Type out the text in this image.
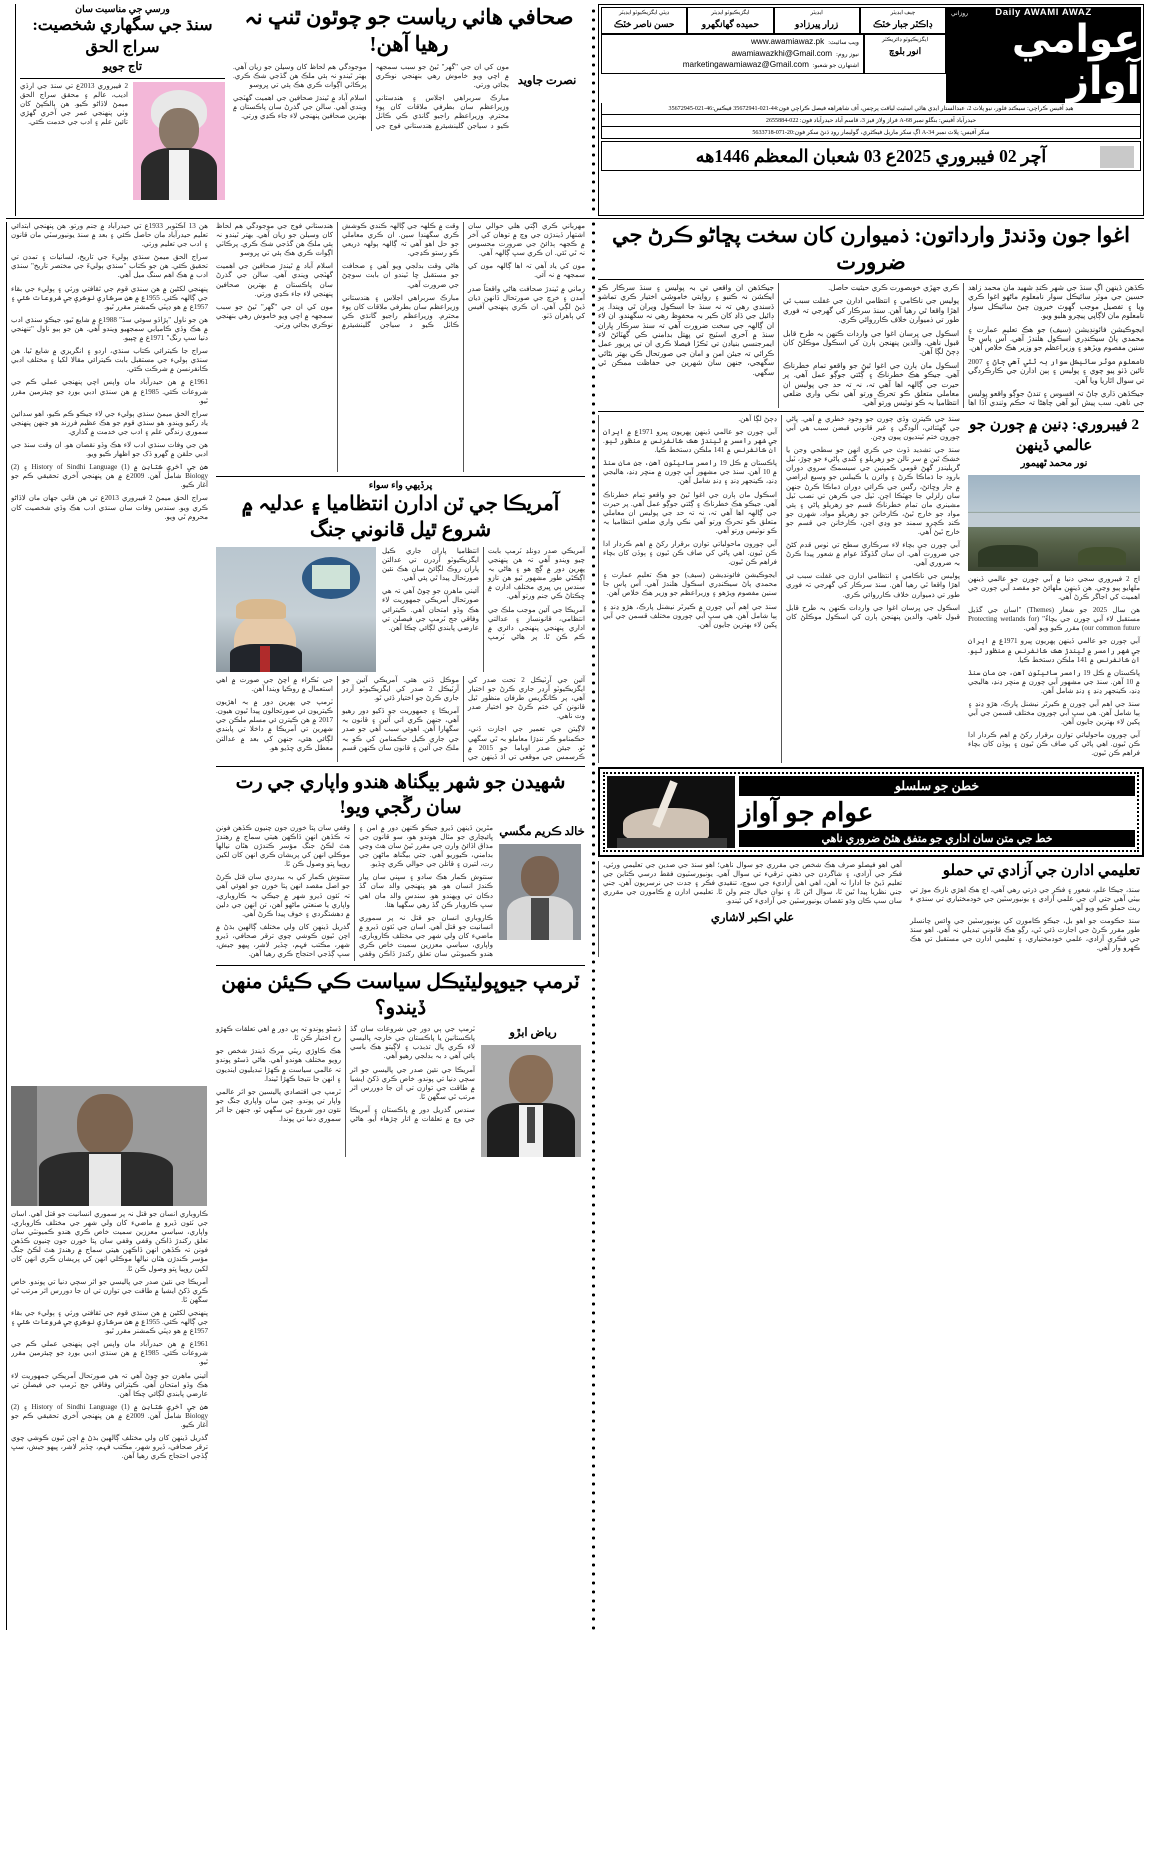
روزاني	Daily AWAMI AWAZ
عوامي آواز
چيف ايڊيٽر
ڊاڪٽر جبار خٽڪ
ايڊيٽر
زرار پيرزادو
ايگزيڪيوٽو ايڊيٽر
حميده گهانگهرو
ڊپٽي ايگزيڪيوٽو ايڊيٽر
حسن ناصر خٽڪ
ايگزيڪيوٽو ڊائريڪٽر
انور بلوچ
ويب سائيٽ:
www.awamiawaz.pk
نيوز روم:
awamiawazkhi@Gmail.com
اشتهارن جو شعبو:
marketingawamiawaz@Gmail.com
هيڊ آفيس ڪراچي: سيڪنڊ فلور، نيو پلاٽ 2، عبدالستار ايڊي هائي اسٽيٽ لياقت پرچس، آف شاهراهه فيصل ڪراچي فون:44-021-35672941 فيڪس:46-021-35672945
حيدرآباد آفيس: بنگلو نمبر 68-A فراز ولاز فيز 3، قاسم آباد حيدرآباد فون: 022-2655884
سکر آفيس: پلاٽ نمبر 34-A اڳ سکر ماربل فيڪٽري، گوليمار روڊ ڌنڻ سکر فون:20-071-5633718
آچر 02 فيبروري 2025ع 03 شعبان المعظم 1446هه
صحافي هاٺي رياست جو چوٿون ٿنڀ نہ رهيا آهن!
نصرت جاويد

مون کي ان جي "گهر" ٿيڻ جو سبب سمجهہ ۾ اچي ويو خاموش رهي بنهنجي نوڪري بجائي ورتي.

مبارڪ سربراهي اجلاس ۽ هندستاني وزيراعظم سان بطرفي ملاقات کان پوء محترم. وزيراعظم راجيو گانڌي ڪي ڪاٺل ڪيو د سياجن گلينشيئر۾ هندستاني فوج جي موجودگي هم لحاظ کان وسيلن جو زيان آهي. بهتر ٿيندو نہ ٻئي ملڪ هن گڏجي شڪ ڪري. پرڪاٺي اڳواٽ ڪري هڪ ٻئي تي ڀروسو

اسلام آباد ۾ ٿيندڙ صحافين جي اهميت گهٽجي ويندي آهي. سالن جي گذرڻ سان پاڪستان ۾ بهترين صحافين پنهنجي لاء جاء ڪڍي ورتي.

ورسي جي مناسبت سان
سنڌ جي سگهاري شخصيت: سراج الحق
تاج جويو

2 فيبروري 2013ع تي سنڌ جي ارڏي اديب، عالم ۽ محقق سراج الحق ميمڻ لاڏاڻو ڪيو. هن ٻالڪپڻ کان وٺي پنهنجي عمر جي آخري گهڙي تائين علم ۽ ادب جي خدمت ڪئي.

اغوا جون وڌندڙ وارداتون: ذميوارن کان سخت پڇاڻو ڪرڻ جي ضرورت

ڪڏهن ڏينهن اڳ سنڌ جي شهر ڪنڊ شهيد مان محمد زاهد حسين جي موٽر سائيڪل سوار نامعلوم ماڻهو اغوا ڪري ويا ۽ تفصيل موجب گهوٽ خبرون چيڻ سائيڪل سوار نامعلوم مان لاڳاپي پيچرو هليو ويو.

ايجوڪيشن فائونڊيشن (سيف) جو هڪ تعليم عمارت ۽ محمدي پاڻ سيڪنڊري اسڪول هلندڙ آهي. آس پاس جا سنين مفصوم ويڙهو ۽ وزيراعظم جو وزير هڪ خلاص آهن.

نامعلوم موٽر سائيڪل سوار بہ ٿئي آهي ڄاڻ ۽ 2007 تائين ڏٺو پيو چوي ۽ پوليس ۽ ٻين ادارن جي ڪارڪردگي تي سوال اٿاريا ويا آهن.

جيڪڏهن ڌاري ڄاڻ تہ افسوس ۽ تندڻ جوڳو واقعو پوليس جي ناهي. سب پيش آيو آهي چاهڻا تہ حڪم وٺندي آڏا اها ڪري جهڙي خوبصورت ڪري حيثيت حاصل.

پوليس جي ناڪامي ۽ انتظامي ادارن جي غفلت سبب ئي اهڙا واقعا ٿي رهيا آهن. سنڌ سرڪار کي گهرجي تہ فوري طور تي ذميوارن خلاف ڪارروائي ڪري.

اسڪول جي ڀرسان اغوا جي واردات ڪنهن بہ طرح قابل قبول ناهي. والدين پنهنجن ٻارن کي اسڪول موڪلڻ کان ڊڄڻ لڳا آهن.

اسڪول مان ٻارن جي اغوا ٿيڻ جو واقعو تمام خطرناڪ آهي. جيڪو هڪ خطرناڪ ۽ ڳڻتي جوڳو عمل آهي. پر حيرت جي ڳالهہ اها آهي تہ، نہ تہ حد جي پوليس ان معاملي متعلق ڪو تحرڪ ورتو آهي نڪي واري ضلعي انتظاميا بہ ڪو نوٽيس ورتو آهي.

جيڪڏهن ان واقعي تي بہ پوليس ۽ سنڌ سرڪار ڪو ايڪشن نہ ڪنيو ۽ روايتي خاموشي اختيار ڪري تماشو ڏسندي رهي تہ نہ سنڌ جا اسڪول ويران ٿي ويندا. پر ڊائيل جي ڏاڍ کان ڪير بہ محفوظ رهي نہ سگهندو. ان لاء ان ڳالهہ جي سخت ضرورت آهي تہ سنڌ سرڪار ڀاران سنڌ ۾ آخري اسٽيج تي پهتل بدامني ڪي گهٽائڻ لاء ايمرجنسي بنيادن تي ٽڪڙا فيصلا ڪري ان تي پريور عمل ڪرائي تہ جيئن امن و امان جي صورتحال ڪي بهتر بڻائي سگهجي، جنهن سان شهرين جي حفاظت ممڪن ٿي سگهي.

2 فيبروري: ڊنين ۾ ڄورن جو عالمي ڏينهن
نور محمد ٿهيمور

اڄ 2 فيبروري سجي دنيا ۾ آبي ڄورن جو عالمي ڏينهن ملهايو پيو وڃي. هن ڏينهن ملهائڻ جو مقصد آبي ڄورن جي اهميت کي اجاگر ڪرڻ آهي.

هن سال 2025 جو شعار (Themes) "اسان جي گڏيل مستقبل لاء آبي ڄورن جي بچاءُ" (Protecting wetlands for our common future) مقرر ڪيو ويو آهي.

آبي ڄورن جو عالمي ڏينهن پهريون ڀيرو 1971ع ۾ ايران جي شهر رامسر ۾ ٿيندڙ هڪ ڪانفرنس ۾ منظور ٿيو. ان ڪانفرنس ۾ 141 ملڪن دستخط ڪيا.

پاڪستان ۾ ڪل 19 رامسر سائيٽون آهن، جن مان سنڌ ۾ 10 آهن. سنڌ جي مشهور آبي ڄورن ۾ منڇر ڍنڍ، هاليجي ڍنڍ، ڪينجهر ڍنڍ ۽ ڍنڍ شامل آهن.

سنڌ جي اهم آبي ڄورن ۾ ڪيرٿر نيشنل پارڪ، هڙو ڍنڍ ۽ ٻيا شامل آهن. هي سڀ آبي ڄورون مختلف قسمن جي آبي پکين لاء بهترين جايون آهن.

آبي ڄورون ماحولياتي توازن برقرار رکڻ ۾ اهم ڪردار ادا ڪن ٿيون. اهي پاڻي کي صاف ڪن ٿيون ۽ ٻوڏن کان بچاء فراهم ڪن ٿيون.

سنڌ جي ڪيترن وڏي ڄورن جو وجود خطري ۾ آهي. پاڻي جي گهٽتائي، آلودگي ۽ غير قانوني قبضن سبب هي آبي ڄورون ختم ٿينديون پيون وڃن.

سنڌ جي تشديد ڏوٺ جي ڪري انهن جو سطحي وجن يا خشڪ ٿين ۾ سر نالن جو زهريلو ۽ گندي پاڻيء جو چوڙ، ٽيل گريلينڊز گهڻ قومي ڪمپنين جي سيسمڪ سروي دوران بارود جا ڌماڪا ڪرڻ ۽ وائرن يا ڪيبلس جو وسيع ايراضي ۾ جار وڇائڻ، رگس جي ڪرائي دوران ڌماڪا ڪرڻ جنهن سان زلزلي جا جهٽڪا اچن. ٽيل جي ڪرهن تي نصب ٽيل مشينري مان تمام خطرناڪ قسم جو زهريلو پاڻي ۽ ٻئي مواد جو خارج ٿيڻ، ڪارخانن جو زهريلو مواد، شهرن جو ڪنڊ ڪچرو سمند جو وڍي اڃن، ڪارخانن جي قسم جو خارج ٿيڻ آهي.

آبي ڄورن جي بچاء لاء سرڪاري سطح تي ٺوس قدم کڻڻ جي ضرورت آهي. ان سان گڏوگڏ عوام ۾ شعور پيدا ڪرڻ بہ ضروري آهي.

پوليس جي ناڪامي ۽ انتظامي ادارن جي غفلت سبب ئي اهڙا واقعا ٿي رهيا آهن. سنڌ سرڪار کي گهرجي تہ فوري طور تي ذميوارن خلاف ڪارروائي ڪري.

اسڪول جي ڀرسان اغوا جي واردات ڪنهن بہ طرح قابل قبول ناهي. والدين پنهنجن ٻارن کي اسڪول موڪلڻ کان ڊڄڻ لڳا آهن.

آبي ڄورن جو عالمي ڏينهن پهريون ڀيرو 1971ع ۾ ايران جي شهر رامسر ۾ ٿيندڙ هڪ ڪانفرنس ۾ منظور ٿيو. ان ڪانفرنس ۾ 141 ملڪن دستخط ڪيا.

پاڪستان ۾ ڪل 19 رامسر سائيٽون آهن، جن مان سنڌ ۾ 10 آهن. سنڌ جي مشهور آبي ڄورن ۾ منڇر ڍنڍ، هاليجي ڍنڍ، ڪينجهر ڍنڍ ۽ ڍنڍ شامل آهن.

اسڪول مان ٻارن جي اغوا ٿيڻ جو واقعو تمام خطرناڪ آهي. جيڪو هڪ خطرناڪ ۽ ڳڻتي جوڳو عمل آهي. پر حيرت جي ڳالهہ اها آهي تہ، نہ تہ حد جي پوليس ان معاملي متعلق ڪو تحرڪ ورتو آهي نڪي واري ضلعي انتظاميا بہ ڪو نوٽيس ورتو آهي.

آبي ڄورون ماحولياتي توازن برقرار رکڻ ۾ اهم ڪردار ادا ڪن ٿيون. اهي پاڻي کي صاف ڪن ٿيون ۽ ٻوڏن کان بچاء فراهم ڪن ٿيون.

ايجوڪيشن فائونڊيشن (سيف) جو هڪ تعليم عمارت ۽ محمدي پاڻ سيڪنڊري اسڪول هلندڙ آهي. آس پاس جا سنين مفصوم ويڙهو ۽ وزيراعظم جو وزير هڪ خلاص آهن.

سنڌ جي اهم آبي ڄورن ۾ ڪيرٿر نيشنل پارڪ، هڙو ڍنڍ ۽ ٻيا شامل آهن. هي سڀ آبي ڄورون مختلف قسمن جي آبي پکين لاء بهترين جايون آهن.

خطن جو سلسلو
عوام جو آواز
خط جي متن سان اداري جو متفق هئڻ ضروري ناهي
تعليمي ادارن جي آزادي تي حملو

سنڌ، جيڪا علم، شعور ۽ فڪر جي ڌرتي رهي آهي، اڄ هڪ اهڙي نازڪ موڙ تي بيٺي آهي جتي ان جي علمي آزادي ۽ يونيورسٽين جي خودمختياري تي سنڌي ء ريت حملو ڪيو ويو آهي.

سنڌ حڪومت جو اهو بل، جيڪو ڪامورن کي يونيورسٽين جي وائس چانسلر طور مقرر ڪرڻ جي اجازت ڏئي ٿي، رڳو هڪ قانوني تبديلي نہ آهي. اهو سنڌ جي فڪري آزادي، علمي خودمختياري، ۽ تعليمي ادارن جي مستقبل تي هڪ ڪهرو وار آهي.

آهي اهو فيصلو صرف هڪ شخص جي مقرري جو سوال ناهي؛ اهو سنڌ جي صدين جي تعليمي ورثي، فڪر جي آزادي، ۽ شاگردن جي ذهني ترقيء تي سوال آهي. يونيورسٽيون فقط درسي ڪتابن جي تعليم ڏيڻ جا ادارا نہ آهن، اهي اهي آزاديء جي سوچ، تنقيدي فڪر ۽ جدت جي نرسريون آهن. جني جني نظريا پيدا ٿين ٿا، سوال اٿن ٿا، ۽ نوان خيال جنم ولن ٿا. تعليمي ادارن ۾ ڪامورن جي مقرري سان سپ ڪان وڌو تقصان يونيورسٽين جي آزاديء کي ٿيندو.

علي اڪبر لاشاري

مهرباني ڪري اڳتي هلي حوالي سان اشتهار ڏيندڙن جي وچ ۾ توهان کي آخر ۾ ڪجهہ ٻڌائڻ جي ضرورت محسوس نہ ٿي ٿئي. ان ڪري سڀ ڳالهہ آهي.

مون کي ياد آهي تہ اها ڳالهہ مون کي سمجهہ ۾ نہ آئي.

زماني ۾ ٿيندڙ صحافت هاڻي واقعتاً صدر آمدن ۽ خرچ جي صورتحال ڏانهن ڌيان ڏيڻ لڳي آهي. ان ڪري پنهنجي آفيس کي ٻاهران ڏٺو.

وقت ۾ ڪلهہ جي ڳالهہ ڪندي ڪوشش ڪري سگهندا سين. ان ڪري معاملي جو حل اهو آهي تہ ڳالهہ ٻولهہ ذريعي ڪو رستو ڪڍجي.

هاڻي وقت بدلجي ويو آهي ۽ صحافت جو مستقبل ڇا ٿيندو ان بابت سوچڻ جي ضرورت آهي.

مبارڪ سربراهي اجلاس ۽ هندستاني وزيراعظم سان بطرفي ملاقات کان پوء محترم. وزيراعظم راجيو گانڌي ڪي ڪاٺل ڪيو د سياجن گلينشيئر۾ هندستاني فوج جي موجودگي هم لحاظ کان وسيلن جو زيان آهي. بهتر ٿيندو نہ ٻئي ملڪ هن گڏجي شڪ ڪري. پرڪاٺي اڳواٽ ڪري هڪ ٻئي تي ڀروسو

اسلام آباد ۾ ٿيندڙ صحافين جي اهميت گهٽجي ويندي آهي. سالن جي گذرڻ سان پاڪستان ۾ بهترين صحافين پنهنجي لاء جاء ڪڍي ورتي.

مون کي ان جي "گهر" ٿيڻ جو سبب سمجهہ ۾ اچي ويو خاموش رهي بنهنجي نوڪري بجائي ورتي.

پرڏيهي واء سواء
آمريڪا جي ٽن ادارن انتظاميا ۽ عدليہ ۾ شروع ٿيل قانوني جنگ

آمريڪي صدر ڊونلڊ ٽرمپ بابت چيو ويندو آهي تہ هن پنهنجي پهرين دور ۾ ڳچ هو ۽ هاڻي بہ اڳڪٿي طور مشهور ٿيو هن تازو سندس ٻي ڀيري مختلف ادارن ۾ ڇڪتاڻ ڪي جنم ورتو آهي.

آمريڪا جي آئين موجب ملڪ جي انتظامي، قانونساز ۽ عدالتي اداري پنهنجي پنهنجي دائري ۾ ڪم ڪن ٿا. پر هاڻي ٽرمپ انتظاميا پاران جاري ڪيل ايگزيڪيوٽو آرڊرن تي عدالتن پاران روڪ لڳائڻ سان هڪ نئين صورتحال پيدا ٿي پئي آهي.

آئيني ماهرن جو چوڻ آهي تہ هي صورتحال آمريڪي جمهوريت لاء هڪ وڏو امتحان آهي. ڪيترائي وفاقي جج ٽرمپ جي فيصلن تي عارضي پابندي لڳائي چڪا آهن.

آئين جي آرٽيڪل 2 تحت صدر کي ايگزيڪيوٽو آرڊر جاري ڪرڻ جو اختيار آهي، پر ڪانگريس طرفان منظور ٿيل قانونن کي ختم ڪرڻ جو اختيار صدر وٽ ناهي.

لاڳيتن جي تعمير جي اجازت ڏني، حڪمنامو ڪر ننڍڙا معاملو بہ ٿي سگهي ٿو. جيئن صدر اوباما جو 2015 ۾ ڪرسمس جي موقعي تي اڌ ڏينهن جي موڪل ڏني هئي. آمريڪي آئين جو آرٽيڪل 2 صدر کي ايگزيڪيوٽو آرڊر جاري ڪرڻ جو اختيار ڏئي ٿو.

آمريڪا ۽ جمهوريت جو ڏکيو دور رهيو آهي، جنهن ڪري اتي آئين ۽ قانون بہ سگهارا آهن. اهوئي سبب آهي جو صدر جي جاري ڪيل حڪمنامن کي ڪو بہ ملڪ جي آئين ۽ قانون سان ڪنهن قسم جي ٽڪراء ۾ اچڻ جي صورت ۾ اهي استعمال ۾ روڪيا ويندا آهن.

ٽرمپ جي پهرين دور ۾ بہ اهڙيون ڪيتريون ئي صورتحالون پيدا ٿيون هيون. 2017 ۾ هن ڪيترن ئي مسلم ملڪن جي شهرين تي آمريڪا ۾ داخلا تي پابندي لڳائي هئي، جنهن کي بعد ۾ عدالتن معطل ڪري ڇڏيو هو.

شهيدن جو شهر بيگناھ هندو واپاري جي رت سان رڱجي ويو!
خالد ڪريم مگسي

مٿرين ڏينهن ڏيرو جيڪو ڪنهن دور ۾ امن ۽ ڀائيچاري جو مثال هوندو هو، سو قانون جي مذاق اڏائڻ وارن جي مقرر ٿيڻ سان هٿ وڃي بدامني، ڪيوريو آهي. جتي بيگناھ ماڻهن جي رت، لتيرن ۽ قاتلن جي حوالي ڪري ڇڏيو.

سنتوش ڪمار هڪ سادو ۽ سڀني سان پيار ڪندڙ انسان هو. هو پنهنجي والد سان گڏ دڪان تي ويهندو هو. سندس والد مان اهي سڀ ڪاروبار ڪن گڏ رهي سگهيا هئا.

ڪاروباري انسان جو قتل نہ پر سموري انسانيت جو قتل آهي. اسان جي ٽئون ڏيرو ۾ ماضيء کان ولي شهر جي مختلف ڪاروباري، واپاري، سياسي معززين سميت خاص ڪري هندو ڪميونٽي سان تعلق رکندڙ ڏاڪن وقفي وقفي سان پتا خورن جون چنيون ڪڏهن فونن تہ ڪڏهن انهن ڏاڪهن هيتي سماج ۾ رهندڙ هٿ لڪڻ جنگ مؤسر ڪندڙن هٿان نيالها موڪلي انهن کي پريشان ڪري انهن کان لکين روپيا ڀتو وصول ڪن ٿا.

سنتوش ڪمار کي بہ بيدردي سان قتل ڪرڻ جو اصل مقصد انهن پتا خورن جو اهوئي آهي تہ ٽئون ڏيرو شهر ۾ جيڪي بہ ڪاروباري، واپاري يا صنعتي ماڻهو آهن، تن انهن جي دلين ۾ دهشتگردي ۽ خوف پيدا ڪرڻ آهي.

گذريل ڏينهن کان ولي مختلف ڳالهين بڌڻ ۾ اچن ٿيون ڪوشي چوي ترقر صحافي، ڏيرو شهر، مڪتب فہم، چڏير لاشر، ڀيهو جيش، سڀ ڳڏجي احتجاج ڪري رهيا آهن.

ٽرمپ جيوپوليٽيڪل سياست ڪي ڪيئن منهن ڏيندو؟
رياض ابڙو

ٽرمپ جي ٻي دور جي شروعات سان گڏ پاڪستانين يا پاڪستان جي خارجہ پاليسي لاء ڪري ٻال تذبذب ۽ لاڳيتو هڪ باسي ٻائي آهي د بہ بدلجي رهيو آهي.

آمريڪا جي نئين صدر جي پاليسي جو اثر سڄي دنيا تي پوندو. خاص ڪري ڏکڻ ايشيا ۾ طاقت جي توازن تي ان جا دوررس اثر مرتب ٿي سگهن ٿا.

سندس گذريل دور ۾ پاڪستان ۽ آمريڪا جي وچ ۾ تعلقات ۾ اتار چڙهاء آيو. هاڻي ڏسڻو پوندو تہ ٻي دور ۾ اهي تعلقات ڪهڙو رخ اختيار ڪن ٿا.

هڪ ڪاوڙي ريٽي مرڪ ڏيندڙ شخص جو رويو مختلف هوندو آهي. هاڻي ڏسڻو پوندو تہ عالمي سياست ۾ ڪهڙا تبديليون اينديون ۽ انهن جا نتيجا ڪهڙا ٿيندا.

ٽرمپ جي اقتصادي پاليسين جو اثر عالمي واپار تي پوندو. چين سان واپاري جنگ جو نئون دور شروع ٿي سگهي ٿو، جنهن جا اثر سموري دنيا تي پوندا.

هن 13 آڪٽوبر 1933ع تي حيدرآباد ۾ جنم ورتو. هن پنهنجي ابتدائي تعليم حيدرآباد مان حاصل ڪئي ۽ بعد ۾ سنڌ يونيورسٽي مان قانون ۽ ادب جي تعليم ورتي.

سراج الحق ميمڻ سنڌي ٻوليءَ جي تاريخ، لسانيات ۽ تمدن تي تحقيق ڪئي. هن جو ڪتاب "سنڌي ٻوليءَ جي مختصر تاريخ" سنڌي ادب ۾ هڪ اهم سنگ ميل آهي.

پنهنجي لکڻين ۾ هن سنڌي قوم جي ثقافتي ورثي ۽ ٻوليء جي بقاء جي ڳالهہ ڪئي. 1955ع ۾ هن سرڪاري نوڪري جي شروعات ڪئي ۽ 1957ع ۾ هو ڊپٽي ڪمشنر مقرر ٿيو.

هن جو ناول "پڙاڏو سوئي سڏ" 1988ع ۾ شايع ٿيو، جيڪو سنڌي ادب ۾ هڪ وڏي ڪاميابي سمجهيو ويندو آهي. هن جو ٻيو ناول "تنهنجي دنيا سڀ رنگ" 1971ع ۾ ڇپيو.

سراج جا ڪيترائي ڪتاب سنڌي، اردو ۽ انگريزي ۾ شايع ٿيا. هن سنڌي ٻوليء جي مستقبل بابت ڪيترائي مقالا لکيا ۽ مختلف ادبي ڪانفرنسن ۾ شرڪت ڪئي.

1961ع ۾ هن حيدرآباد مان واپس اچي پنهنجي عملي ڪم جي شروعات ڪئي. 1985ع ۾ هن سنڌي ادبي بورڊ جو چيئرمين مقرر ٿيو.

سراج الحق ميمڻ سنڌي ٻوليء جي لاء جيڪو ڪم ڪيو، اهو سدائين ياد رکيو ويندو. هو سنڌي قوم جو هڪ عظيم فرزند هو جنهن پنهنجي سموري زندگي علم ۽ ادب جي خدمت ۾ گذاري.

هن جي وفات سنڌي ادب لاء هڪ وڏو نقصان هو. ان وقت سنڌ جي ادبي حلقن ۾ گهرو ڏک جو اظهار ڪيو ويو.

هن جي آخري ڪتابن ۾ (1) History of Sindhi Language ۽ (2) Biology شامل آهن. 2009ع ۾ هن پنهنجي آخري تحقيقي ڪم جو آغاز ڪيو.

سراج الحق ميمڻ 2 فيبروري 2013ع تي هن فاني جهان مان لاڏاڻو ڪري ويو. سندس وفات سان سنڌي ادب هڪ وڏي شخصيت کان محروم ٿي ويو.

ڪاروباري انسان جو قتل نہ پر سموري انسانيت جو قتل آهي. اسان جي ٽئون ڏيرو ۾ ماضيء کان ولي شهر جي مختلف ڪاروباري، واپاري، سياسي معززين سميت خاص ڪري هندو ڪميونٽي سان تعلق رکندڙ ڏاڪن وقفي وقفي سان پتا خورن جون چنيون ڪڏهن فونن تہ ڪڏهن انهن ڏاڪهن هيتي سماج ۾ رهندڙ هٿ لڪڻ جنگ مؤسر ڪندڙن هٿان نيالها موڪلي انهن کي پريشان ڪري انهن کان لکين روپيا ڀتو وصول ڪن ٿا.

آمريڪا جي نئين صدر جي پاليسي جو اثر سڄي دنيا تي پوندو. خاص ڪري ڏکڻ ايشيا ۾ طاقت جي توازن تي ان جا دوررس اثر مرتب ٿي سگهن ٿا.

پنهنجي لکڻين ۾ هن سنڌي قوم جي ثقافتي ورثي ۽ ٻوليء جي بقاء جي ڳالهہ ڪئي. 1955ع ۾ هن سرڪاري نوڪري جي شروعات ڪئي ۽ 1957ع ۾ هو ڊپٽي ڪمشنر مقرر ٿيو.

1961ع ۾ هن حيدرآباد مان واپس اچي پنهنجي عملي ڪم جي شروعات ڪئي. 1985ع ۾ هن سنڌي ادبي بورڊ جو چيئرمين مقرر ٿيو.

آئيني ماهرن جو چوڻ آهي تہ هي صورتحال آمريڪي جمهوريت لاء هڪ وڏو امتحان آهي. ڪيترائي وفاقي جج ٽرمپ جي فيصلن تي عارضي پابندي لڳائي چڪا آهن.

هن جي آخري ڪتابن ۾ (1) History of Sindhi Language ۽ (2) Biology شامل آهن. 2009ع ۾ هن پنهنجي آخري تحقيقي ڪم جو آغاز ڪيو.

گذريل ڏينهن کان ولي مختلف ڳالهين بڌڻ ۾ اچن ٿيون ڪوشي چوي ترقر صحافي، ڏيرو شهر، مڪتب فہم، چڏير لاشر، ڀيهو جيش، سڀ ڳڏجي احتجاج ڪري رهيا آهن.
